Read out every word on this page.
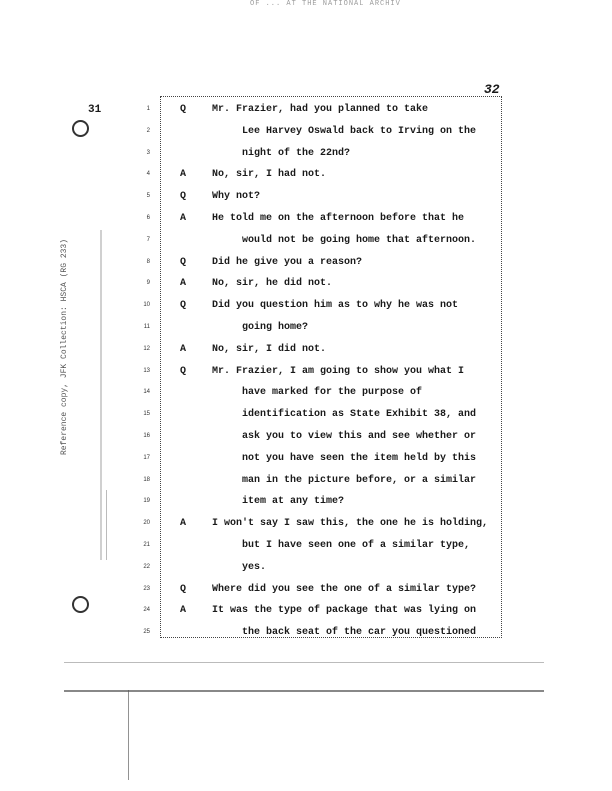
OF ... AT THE NATIONAL ARCHIV
31
32
Reference copy, JFK Collection: HSCA (RG 233)
1	Q	Mr. Frazier, had you planned to take
2	Lee Harvey Oswald back to Irving on the
3	night of the 22nd?
4	A	No, sir, I had not.
5	Q	Why not?
6	A	He told me on the afternoon before that he
7	would not be going home that afternoon.
8	Q	Did he give you a reason?
9	A	No, sir, he did not.
10	Q	Did you question him as to why he was not
11	going home?
12	A	No, sir, I did not.
13	Q	Mr. Frazier, I am going to show you what I
14	have marked for the purpose of
15	identification as State Exhibit 38, and
16	ask you to view this and see whether or
17	not you have seen the item held by this
18	man in the picture before, or a similar
19	item at any time?
20	A	I won't say I saw this, the one he is holding,
21	but I have seen one of a similar type,
22	yes.
23	Q	Where did you see the one of a similar type?
24	A	It was the type of package that was lying on
25	the back seat of the car you questioned
